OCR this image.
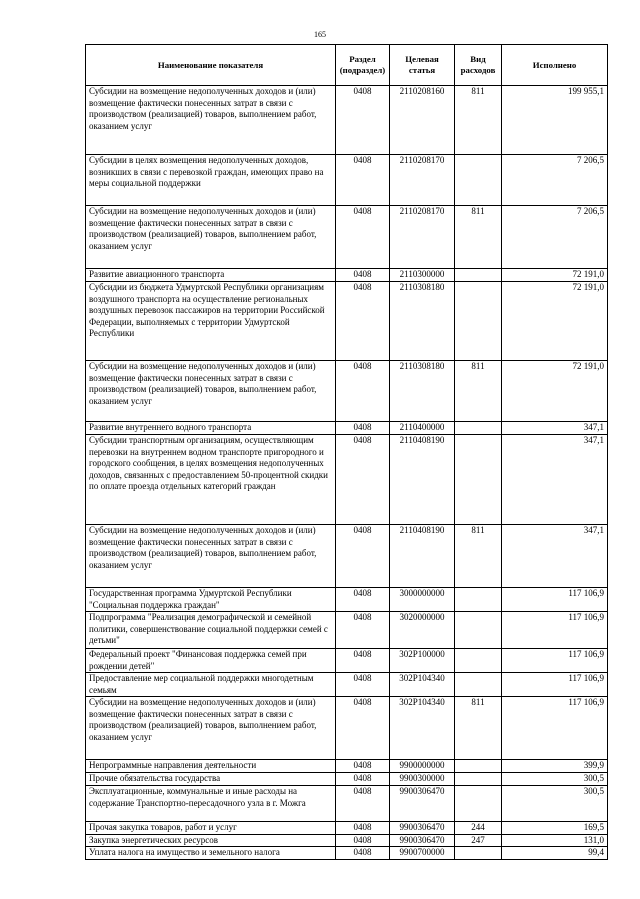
165
Наименование показателя	Раздел (подраздел)	Целевая статья	Вид расходов	Исполнено
Субсидии на возмещение недополученных доходов и (или) возмещение фактически понесенных затрат в связи с производством (реализацией) товаров, выполнением работ, оказанием услуг	0408	2110208160	811	199 955,1
Субсидии в целях возмещения недополученных доходов, возникших в связи с перевозкой граждан, имеющих право на меры социальной поддержки	0408	2110208170		7 206,5
Субсидии на возмещение недополученных доходов и (или) возмещение фактически понесенных затрат в связи с производством (реализацией) товаров, выполнением работ, оказанием услуг	0408	2110208170	811	7 206,5
Развитие авиационного транспорта	0408	2110300000		72 191,0
Субсидии из бюджета Удмуртской Республики организациям воздушного транспорта на осуществление региональных воздушных перевозок пассажиров на территории Российской Федерации, выполняемых с территории Удмуртской Республики	0408	2110308180		72 191,0
Субсидии на возмещение недополученных доходов и (или) возмещение фактически понесенных затрат в связи с производством (реализацией) товаров, выполнением работ, оказанием услуг	0408	2110308180	811	72 191,0
Развитие внутреннего водного транспорта	0408	2110400000		347,1
Субсидии транспортным организациям, осуществляющим перевозки на внутреннем водном транспорте пригородного и городского сообщения, в целях возмещения недополученных доходов, связанных с предоставлением 50-процентной скидки по оплате проезда отдельных категорий граждан	0408	2110408190		347,1
Субсидии на возмещение недополученных доходов и (или) возмещение фактически понесенных затрат в связи с производством (реализацией) товаров, выполнением работ, оказанием услуг	0408	2110408190	811	347,1
Государственная программа Удмуртской Республики "Социальная поддержка граждан"	0408	3000000000		117 106,9
Подпрограмма "Реализация демографической и семейной политики, совершенствование социальной поддержки семей с детьми"	0408	3020000000		117 106,9
Федеральный проект "Финансовая поддержка семей при рождении детей"	0408	302P100000		117 106,9
Предоставление мер социальной поддержки многодетным семьям	0408	302P104340		117 106,9
Субсидии на возмещение недополученных доходов и (или) возмещение фактически понесенных затрат в связи с производством (реализацией) товаров, выполнением работ, оказанием услуг	0408	302P104340	811	117 106,9
Непрограммные направления деятельности	0408	9900000000		399,9
Прочие обязательства государства	0408	9900300000		300,5
Эксплуатационные, коммунальные и иные расходы на содержание Транспортно-пересадочного узла в г. Можга	0408	9900306470		300,5
Прочая закупка товаров, работ и услуг	0408	9900306470	244	169,5
Закупка энергетических ресурсов	0408	9900306470	247	131,0
Уплата налога на имущество и земельного налога	0408	9900700000		99,4
